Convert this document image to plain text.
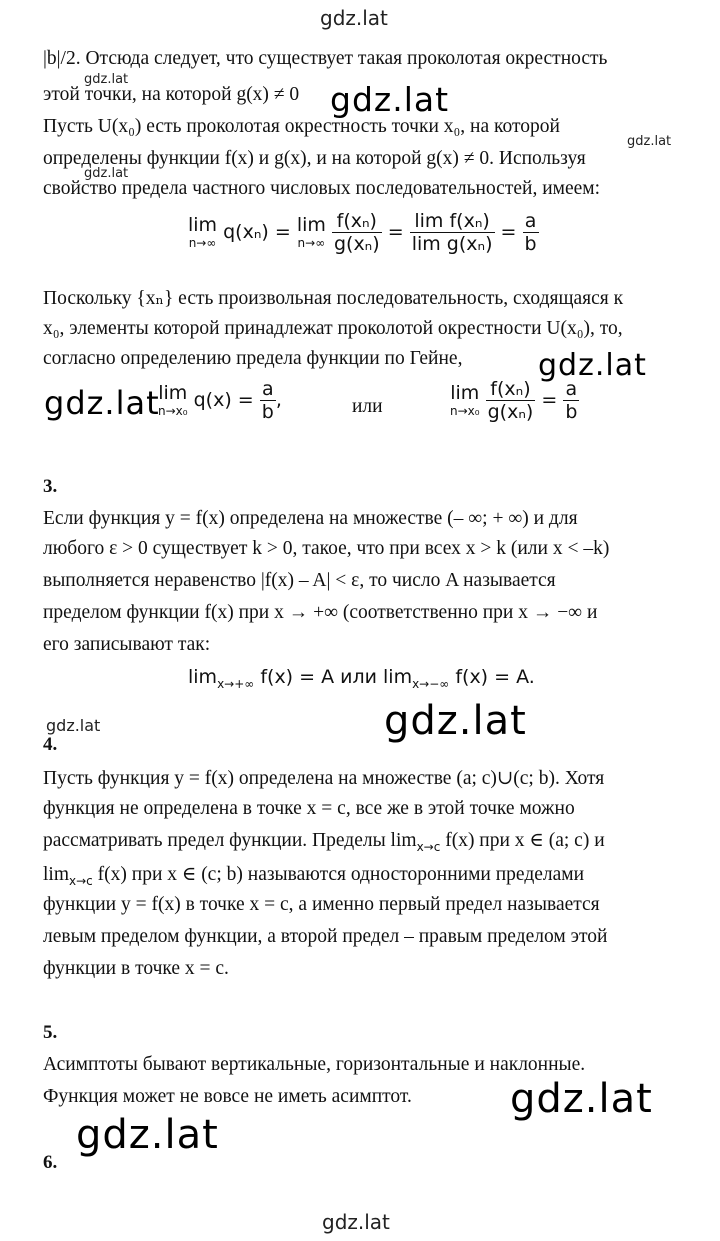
gdz.lat
|b|/2. Отсюда следует, что существует такая проколотая окрестность
gdz.lat
этой точки, на которой g(x) ≠ 0 gdz.lat
Пусть U(x₀) есть проколотая окрестность точки x₀, на которой
gdz.lat
определены функции f(x) и g(x), и на которой g(x) ≠ 0. Используя
gdz.lat
свойство предела частного числовых последовательностей, имеем:
lim
n→∞ q(xₙ) = lim
n→∞
$\frac{\text{f(xₙ)}}{\text{g(xₙ)}} = \frac{\text{lim f(xₙ)}}{\text{lim g(xₙ)}} = \frac{a}{b}$
Поскольку {xₙ} есть произвольная последовательность, сходящаяся к
x₀, элементы которой принадлежат проколотой окрестности U(x₀), то,
согласно определению предела функции по Гейне,	gdz.lat
gdz.lat
lim
n→x₀ $q(x) = \frac{a}{b}$ ,	или
lim
n→x₀
$\frac{\text{f(xₙ)}}{\text{g(xₙ)}} = \frac{a}{b}$
3.
Если функция y = f(x) определена на множестве (– ∞; + ∞) и для
любого ε > 0 существует k > 0, такое, что при всех x > k (или x < –k)
выполняется неравенство |f(x) – A| < ε, то число A называется
пределом функции f(x) при x → +∞ (соответственно при x → −∞ и
его записывают так:
$\lim_{x\to+\infty} f(x) = A$ или $\lim_{x\to-\infty} f(x) = A$.
gdz.lat	gdz.lat
4.
Пусть функция y = f(x) определена на множестве (a; c)∪(c; b). Хотя
функция не определена в точке x = c, все же в этой точке можно
рассматривать предел функции. Пределы $\lim_{x\to c} f(x)$ при x ∈ (a; c) и
$\lim_{x\to c} f(x)$ при x ∈ (c; b) называются односторонними пределами
функции y = f(x) в точке x = c, а именно первый предел называется
левым пределом функции, а второй предел – правым пределом этой
функции в точке x = c.
5.
Асимптоты бывают вертикальные, горизонтальные и наклонные.
Функция может не вовсе не иметь асимптот. gdz.lat
gdz.lat
6.
gdz.lat
